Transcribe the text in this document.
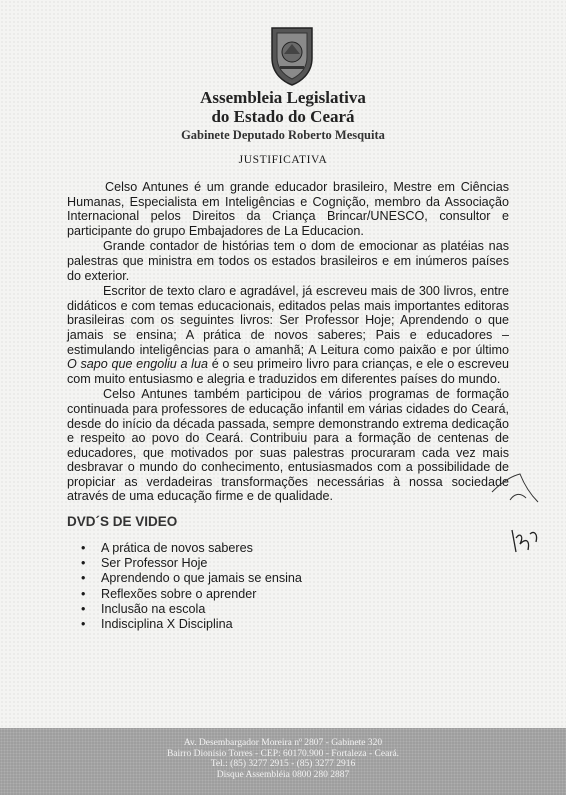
Assembleia Legislativa
do Estado do Ceará
Gabinete Deputado Roberto Mesquita
JUSTIFICATIVA

Celso Antunes é um grande educador brasileiro, Mestre em Ciências Humanas, Especialista em Inteligências e Cognição, membro da Associação Internacional pelos Direitos da Criança Brincar/UNESCO, consultor e participante do grupo Embajadores de La Educacion.

Grande contador de histórias tem o dom de emocionar as platéias nas palestras que ministra em todos os estados brasileiros e em inúmeros países do exterior.

Escritor de texto claro e agradável, já escreveu mais de 300 livros, entre didáticos e com temas educacionais, editados pelas mais importantes editoras brasileiras com os seguintes livros: Ser Professor Hoje; Aprendendo o que jamais se ensina; A prática de novos saberes; Pais e educadores – estimulando inteligências para o amanhã; A Leitura como paixão e por último O sapo que engoliu a lua é o seu primeiro livro para crianças, e ele o escreveu com muito entusiasmo e alegria e traduzidos em diferentes países do mundo.

Celso Antunes também participou de vários programas de formação continuada para professores de educação infantil em várias cidades do Ceará, desde do início da década passada, sempre demonstrando extrema dedicação e respeito ao povo do Ceará. Contribuiu para a formação de centenas de educadores, que motivados por suas palestras procuraram cada vez mais desbravar o mundo do conhecimento, entusiasmados com a possibilidade de propiciar as verdadeiras transformações necessárias à nossa sociedade através de uma educação firme e de qualidade.

DVD´S DE VIDEO
• A prática de novos saberes
• Ser Professor Hoje
• Aprendendo o que jamais se ensina
• Reflexões sobre o aprender
• Inclusão na escola
• Indisciplina X Disciplina
Av. Desembargador Moreira nº 2807 - Gabinete 320
Bairro Dionísio Torres - CEP: 60170.900 - Fortaleza - Ceará.
Tel.: (85) 3277 2915 - (85) 3277 2916
Disque Assembléia 0800 280 2887
